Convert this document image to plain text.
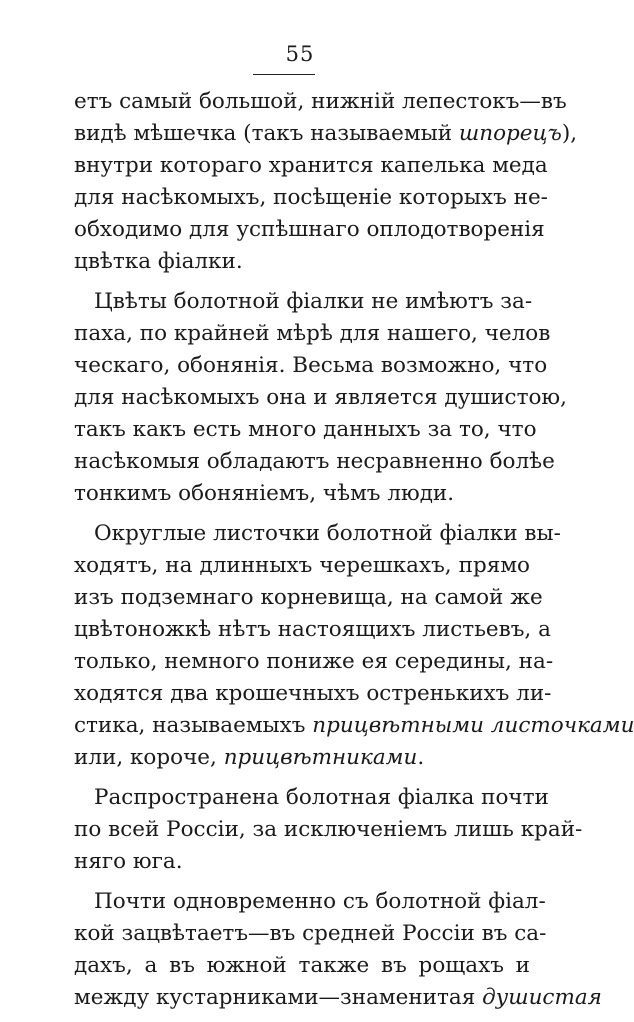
55
етъ самый большой, нижній лепестокъ—въ
видѣ мѣшечка (такъ называемый шпорецъ),
внутри котораго хранится капелька меда
для насѣкомыхъ, посѣщеніе которыхъ не-
обходимо для успѣшнаго оплодотворенія
цвѣтка фіалки.
Цвѣты болотной фіалки не имѣютъ за-
паха, по крайней мѣрѣ для нашего, челов
ческаго, обонянія. Весьма возможно, что
для насѣкомыхъ она и является душистою,
такъ какъ есть много данныхъ за то, что
насѣкомыя обладаютъ несравненно болѣе
тонкимъ обоняніемъ, чѣмъ люди.
Округлые листочки болотной фіалки вы-
ходятъ, на длинныхъ черешкахъ, прямо
изъ подземнаго корневища, на самой же
цвѣтоножкѣ нѣтъ настоящихъ листьевъ, а
только, немного пониже ея середины, на-
ходятся два крошечныхъ остренькихъ ли-
стика, называемыхъ прицвѣтными листочками
или, короче, прицвѣтниками.
Распространена болотная фіалка почти
по всей Россіи, за исключеніемъ лишь край-
няго юга.
Почти одновременно съ болотной фіал-
кой зацвѣтаетъ—въ средней Россіи въ са-
дахъ, а въ южной также въ рощахъ и
между кустарниками—знаменитая душистая
